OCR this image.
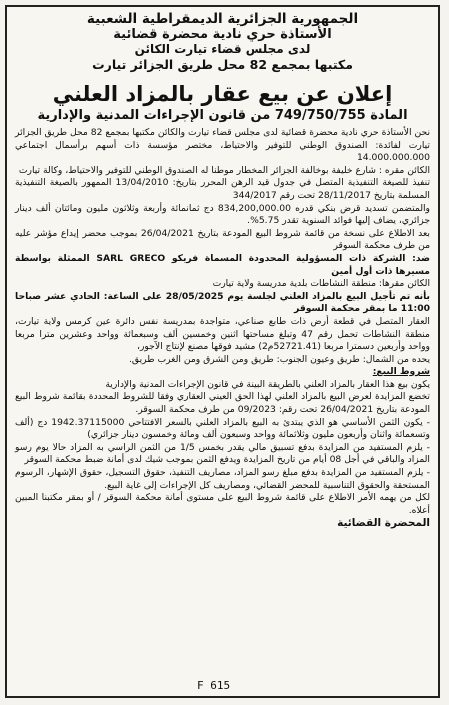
الجمهورية الجزائرية الديمقراطية الشعبية
الأستاذة حري نادية محضرة قضائية
لدى مجلس قضاء تيارت الكائن
مكتبها بمجمع 82 محل طريق الجزائر تيارت
إعلان عن بيع عقار بالمزاد العلني
المادة 749/750/755 من قانون الإجراءات المدنية والإدارية

نحن الأستاذة حري نادية محضرة قضائية لدى مجلس قضاء تيارت والكائن مكتبها بمجمع 82 محل طريق الجزائر تيارت لفائدة: الصندوق الوطني للتوفير والاحتياط، مختصر مؤسسة ذات أسهم برأسمال اجتماعي 14.000.000.000

الكائن مقره : شارع خليفة بوخالفة الجزائر المخطار موطنا له الصندوق الوطني للتوفير والاحتياط، وكالة تيارت

تنفيذ للصيغة التنفيذية المتصل في جدول قيد الرهن المحرر بتاريخ: 13/04/2010 الممهور بالصيغة التنفيذية المسلمة بتاريخ 28/11/2017 تحت رقم 344/2017

والمتضمن تسديد قرض بنكي قدره 834,200,000.00 دج ثمانمائة وأربعة وثلاثون مليون ومائتان ألف دينار جزائري، يضاف إليها فوائد السنوية تقدر 5.75%.

بعد الاطلاع على نسخة من قائمة شروط البيع المودعة بتاريخ 26/04/2021 بموجب محضر إيداع مؤشر عليه من طرف محكمة السوقر

ضد: الشركة ذات المسؤولية المحدودة المسماة فريكو SARL GRECO الممثلة بواسطة مسيرها ذات أول أمين

الكائن مقرها: منطقة النشاطات بلدية مدريسة ولاية تيارت

بأنه تم تأجيل البيع بالمزاد العلني لجلسة يوم 28/05/2025 على الساعة: الحادي عشر صباحا 11:00 ما بمقر محكمة السوقر

العقار المتصل في قطعة أرض ذات طابع صناعي، متواجدة بمدريسة نفس دائرة عين كرمس ولاية تيارت، منطقة النشاطات تحمل رقم 47 وتبلغ مساحتها اثنين وخمسين ألف وسبعمائة وواحد وعشرين مترا مربعا وواحد وأربعين دسمترا مربعا (52721.41م2) مشيد فوقها مصنع لإنتاج الآجور،

يحده من الشمال: طريق وعيون الجنوب: طريق ومن الشرق ومن الغرب طريق.

شروط البيع:

يكون بيع هذا العقار بالمزاد العلني بالطريقة البينة في قانون الإجراءات المدنية والإدارية

تخضع المزايدة لعرض البيع بالمزاد العلني لهذا الحق العيني العقاري وفقا للشروط المحددة بقائمة شروط البيع المودعة بتاريخ 26/04/2021 تحت رقم: 09/2023 من طرف محكمة السوقر.

- يكون الثمن الأساسي هو الذي يبتدئ به البيع بالمزاد العلني بالسعر الافتتاحي 1942.37115000 دج (ألف وتسعمائة واثنان وأربعون مليون وثلاثمائة وواحد وسبعون ألف ومائة وخمسون دينار جزائري)

- يلزم المستفيد من المزايدة بدفع تسبيق مالي يقدر بخمس 1/5 من الثمن الراسي به المزاد حالا يوم رسو المزاد والباقي في أجل 08 أيام من تاريخ المزايدة ويدفع الثمن بموجب شيك لدى أمانة ضبط محكمة السوقر

- يلزم المستفيد من المزايدة بدفع مبلغ رسو المزاد، مصاريف التنفيذ، حقوق التسجيل، حقوق الإشهار، الرسوم المستحقة والحقوق التناسبية للمحضر القضائي، ومصاريف كل الإجراءات إلى غاية البيع.

لكل من يهمه الأمر الاطلاع على قائمة شروط البيع على مستوى أمانة محكمة السوقر / أو بمقر مكتبنا المبين أعلاه.

المحضرة القضائية
F 615
